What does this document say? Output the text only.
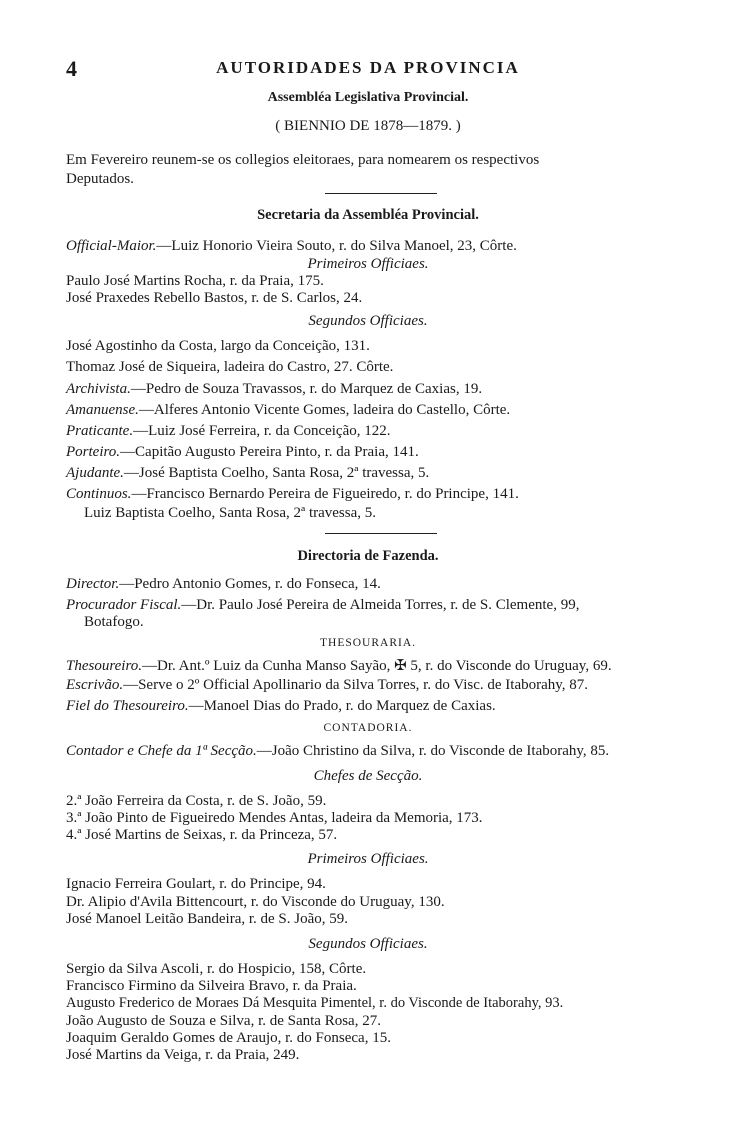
4	AUTORIDADES DA PROVINCIA
Assembléa Legislativa Provincial.
( BIENNIO DE 1878—1879. )
Em Fevereiro reunem-se os collegios eleitoraes, para nomearem os respectivos
Deputados.
Secretaria da Assembléa Provincial.
Official-Maior.—Luiz Honorio Vieira Souto, r. do Silva Manoel, 23, Côrte.
Primeiros Officiaes.
Paulo José Martins Rocha, r. da Praia, 175.
José Praxedes Rebello Bastos, r. de S. Carlos, 24.
Segundos Officiaes.
José Agostinho da Costa, largo da Conceição, 131.
Thomaz José de Siqueira, ladeira do Castro, 27. Côrte.
Archivista.—Pedro de Souza Travassos, r. do Marquez de Caxias, 19.
Amanuense.—Alferes Antonio Vicente Gomes, ladeira do Castello, Côrte.
Praticante.—Luiz José Ferreira, r. da Conceição, 122.
Porteiro.—Capitão Augusto Pereira Pinto, r. da Praia, 141.
Ajudante.—José Baptista Coelho, Santa Rosa, 2ª travessa, 5.
Continuos.—Francisco Bernardo Pereira de Figueiredo, r. do Principe, 141.
Luiz Baptista Coelho, Santa Rosa, 2ª travessa, 5.
Directoria de Fazenda.
Director.—Pedro Antonio Gomes, r. do Fonseca, 14.
Procurador Fiscal.—Dr. Paulo José Pereira de Almeida Torres, r. de S. Clemente, 99,
Botafogo.
THESOURARIA.
Thesoureiro.—Dr. Ant.º Luiz da Cunha Manso Sayão, ✠ 5, r. do Visconde do Uruguay, 69.
Escrivão.—Serve o 2º Official Apollinario da Silva Torres, r. do Visc. de Itaborahy, 87.
Fiel do Thesoureiro.—Manoel Dias do Prado, r. do Marquez de Caxias.
CONTADORIA.
Contador e Chefe da 1ª Secção.—João Christino da Silva, r. do Visconde de Itaborahy, 85.
Chefes de Secção.
2.ª João Ferreira da Costa, r. de S. João, 59.
3.ª João Pinto de Figueiredo Mendes Antas, ladeira da Memoria, 173.
4.ª José Martins de Seixas, r. da Princeza, 57.
Primeiros Officiaes.
Ignacio Ferreira Goulart, r. do Principe, 94.
Dr. Alipio d'Avila Bittencourt, r. do Visconde do Uruguay, 130.
José Manoel Leitão Bandeira, r. de S. João, 59.
Segundos Officiaes.
Sergio da Silva Ascoli, r. do Hospicio, 158, Côrte.
Francisco Firmino da Silveira Bravo, r. da Praia.
Augusto Frederico de Moraes Dá Mesquita Pimentel, r. do Visconde de Itaborahy, 93.
João Augusto de Souza e Silva, r. de Santa Rosa, 27.
Joaquim Geraldo Gomes de Araujo, r. do Fonseca, 15.
José Martins da Veiga, r. da Praia, 249.
